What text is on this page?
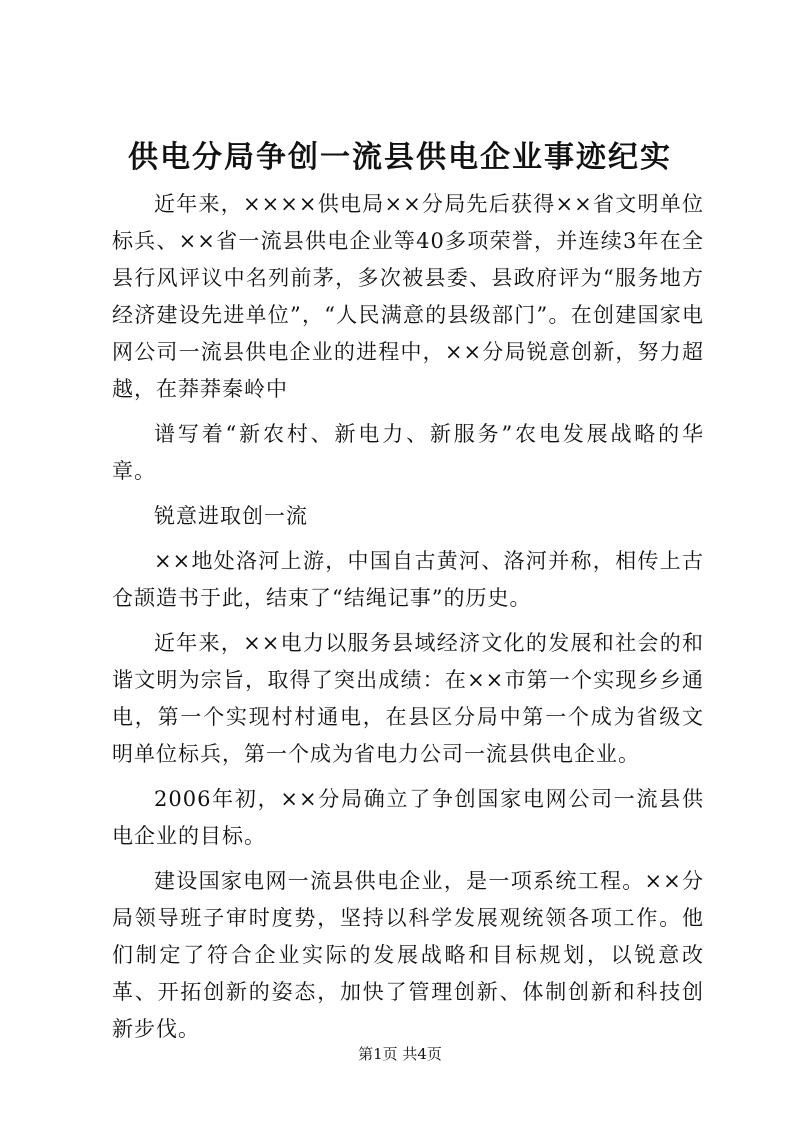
供电分局争创一流县供电企业事迹纪实

近年来，××××供电局××分局先后获得××省文明单位标兵、××省一流县供电企业等40多项荣誉，并连续3年在全县行风评议中名列前茅，多次被县委、县政府评为“服务地方经济建设先进单位”，“人民满意的县级部门”。在创建国家电网公司一流县供电企业的进程中，××分局锐意创新，努力超越，在莽莽秦岭中

谱写着“新农村、新电力、新服务”农电发展战略的华章。

锐意进取创一流

××地处洛河上游，中国自古黄河、洛河并称，相传上古仓颉造书于此，结束了“结绳记事”的历史。

近年来，××电力以服务县域经济文化的发展和社会的和谐文明为宗旨，取得了突出成绩：在××市第一个实现乡乡通电，第一个实现村村通电，在县区分局中第一个成为省级文明单位标兵，第一个成为省电力公司一流县供电企业。

2006年初，××分局确立了争创国家电网公司一流县供电企业的目标。

建设国家电网一流县供电企业，是一项系统工程。××分局领导班子审时度势，坚持以科学发展观统领各项工作。他们制定了符合企业实际的发展战略和目标规划，以锐意改革、开拓创新的姿态，加快了管理创新、体制创新和科技创新步伐。

第1页 共4页
